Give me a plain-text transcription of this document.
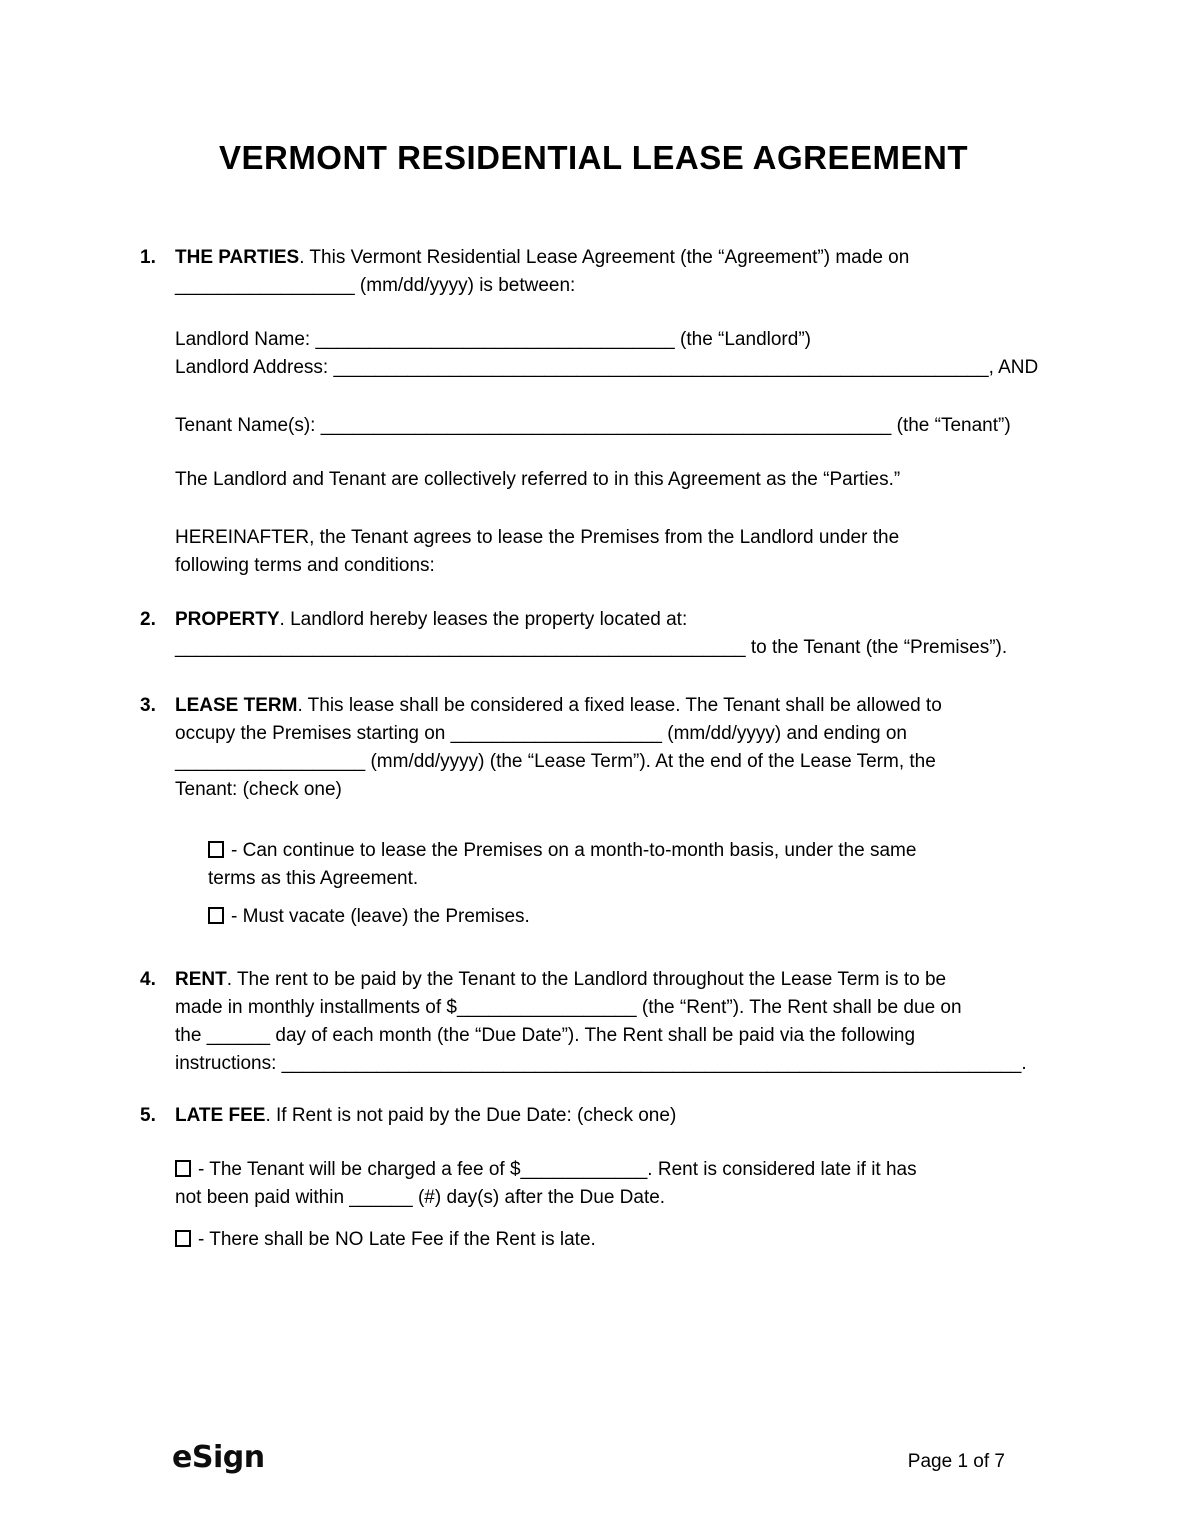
VERMONT RESIDENTIAL LEASE AGREEMENT
1. THE PARTIES. This Vermont Residential Lease Agreement (the “Agreement”) made on
_________________ (mm/dd/yyyy) is between:
Landlord Name: __________________________________ (the “Landlord”)
Landlord Address: ______________________________________________________________, AND
Tenant Name(s): ______________________________________________________ (the “Tenant”)
The Landlord and Tenant are collectively referred to in this Agreement as the “Parties.”
HEREINAFTER, the Tenant agrees to lease the Premises from the Landlord under the
following terms and conditions:
2. PROPERTY. Landlord hereby leases the property located at:
______________________________________________________ to the Tenant (the “Premises”).
3. LEASE TERM. This lease shall be considered a fixed lease. The Tenant shall be allowed to
occupy the Premises starting on ____________________ (mm/dd/yyyy) and ending on
__________________ (mm/dd/yyyy) (the “Lease Term”). At the end of the Lease Term, the
Tenant: (check one)
- Can continue to lease the Premises on a month-to-month basis, under the same
terms as this Agreement.
- Must vacate (leave) the Premises.
4. RENT. The rent to be paid by the Tenant to the Landlord throughout the Lease Term is to be
made in monthly installments of $_________________ (the “Rent”). The Rent shall be due on
the ______ day of each month (the “Due Date”). The Rent shall be paid via the following
instructions: ______________________________________________________________________.
5. LATE FEE. If Rent is not paid by the Due Date: (check one)
- The Tenant will be charged a fee of $____________. Rent is considered late if it has
not been paid within ______ (#) day(s) after the Due Date.
- There shall be NO Late Fee if the Rent is late.
eSign	Page 1 of 7
